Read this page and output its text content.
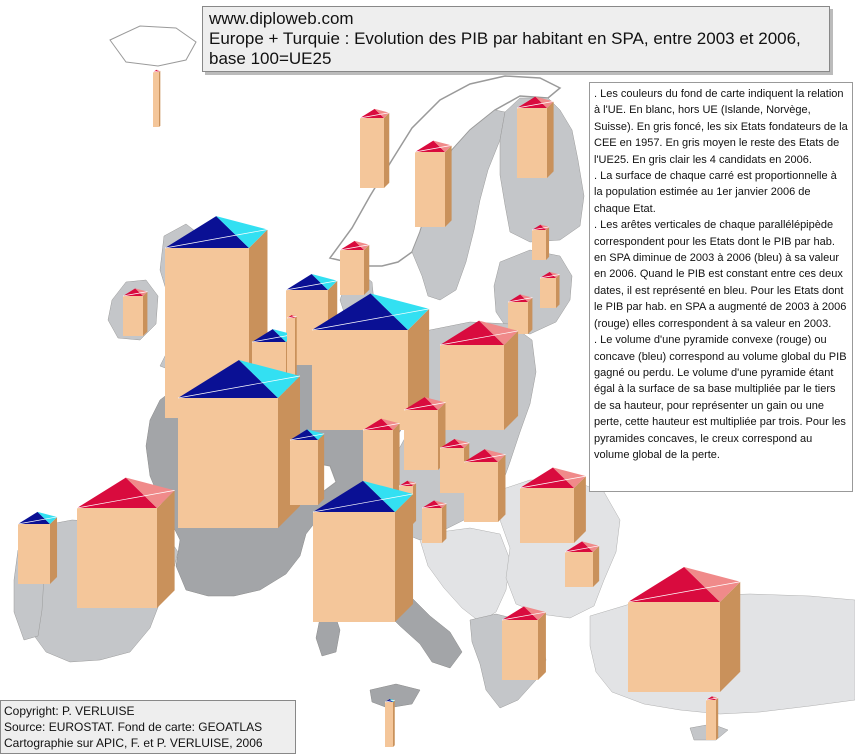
www.diploweb.com
Europe + Turquie : Evolution des PIB par habitant en SPA, entre 2003 et 2006,
base 100=UE25

. Les couleurs du fond de carte indiquent la relation à l'UE. En blanc, hors UE (Islande, Norvège, Suisse). En gris foncé, les six Etats fondateurs de la CEE en 1957. En gris moyen le reste des Etats de l'UE25. En gris clair les 4 candidats en 2006.

. La surface de chaque carré est proportionnelle à la population estimée au 1er janvier 2006 de chaque Etat.

. Les arêtes verticales de chaque parallélépipède correspondent pour les Etats dont le PIB par hab. en SPA diminue de 2003 à 2006 (bleu) à sa valeur en 2006. Quand le PIB est constant entre ces deux dates, il est représenté en bleu. Pour les Etats dont le PIB par hab. en SPA a augmenté de 2003 à 2006 (rouge) elles correspondent à sa valeur en 2003.

. Le volume d'une pyramide convexe (rouge) ou concave (bleu) correspond au volume global du PIB gagné ou perdu. Le volume d'une pyramide étant égal à la surface de sa base multipliée par le tiers de sa hauteur, pour représenter un gain ou une perte, cette hauteur est multipliée par trois. Pour les pyramides concaves, le creux correspond au volume global de la perte.

Copyright: P. VERLUISE
Source: EUROSTAT. Fond de carte: GEOATLAS
Cartographie sur APIC, F. et P. VERLUISE, 2006
